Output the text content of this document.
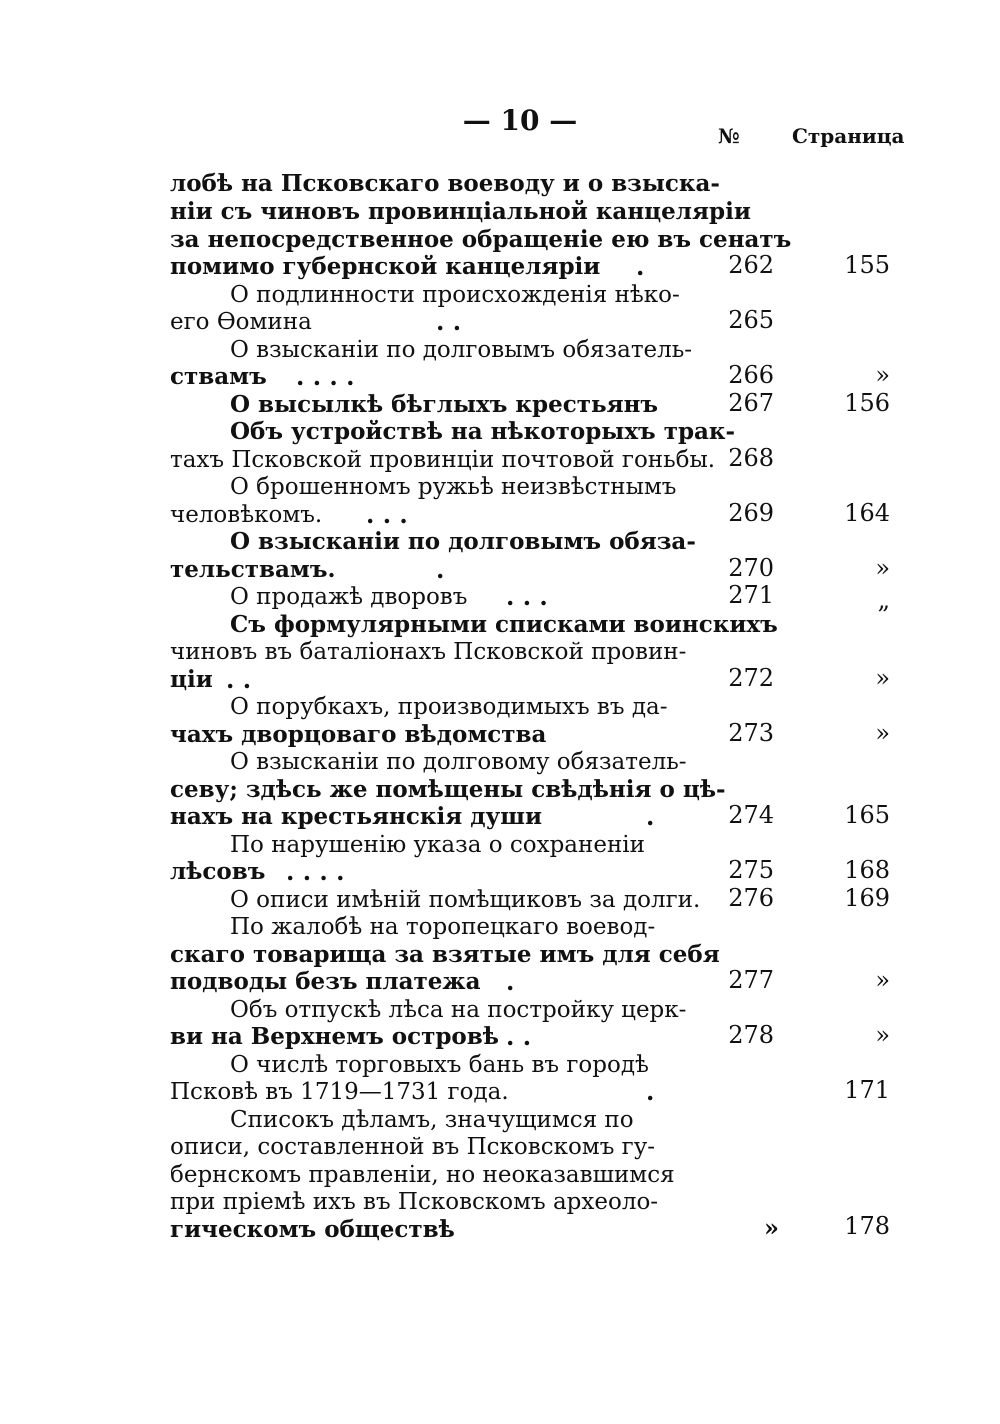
— 10 —	№	Страница
лобѣ на Псковскаго воеводу и о взыска-
ніи съ чиновъ провинціальной канцеляріи
за непосредственное обращеніе ею въ сенатъ
помимо губернской канцеляріи .	262	155
О подлинности происхожденія нѣко-
его Ѳомина	. .	265
О взысканіи по долговымъ обязатель-
ствамъ . . . .	266	»
О высылкѣ бѣглыхъ крестьянъ	267	156
Объ устройствѣ на нѣкоторыхъ трак-
тахъ Псковской провинціи почтовой гоньбы. 268
О брошенномъ ружьѣ неизвѣстнымъ
человѣкомъ. . . .	269	164
О взысканіи по долговымъ обяза-
тельствамъ.	.	270	»
О продажѣ дворовъ . . .	271	„
Съ формулярными списками воинскихъ
чиновъ въ баталіонахъ Псковской провин-
ціи . .	272	»
О порубкахъ, производимыхъ въ да-
чахъ дворцоваго вѣдомства	273	»
О взысканіи по долговому обязатель-
севу; здѣсь же помѣщены свѣдѣнія о цѣ-
нахъ на крестьянскія души	.	274	165
По нарушенію указа о сохраненіи
лѣсовъ . . . .	275	168
О описи имѣній помѣщиковъ за долги.	276	169
По жалобѣ на торопецкаго воевод-
скаго товарища за взятые имъ для себя
подводы безъ платежа .	277	»
Объ отпускѣ лѣса на постройку церк-
ви на Верхнемъ островѣ . .	278	»
О числѣ торговыхъ бань въ городѣ
Псковѣ въ 1719—1731 года.	.	171
Списокъ дѣламъ, значущимся по
описи, составленной въ Псковскомъ гу-
бернскомъ правленіи, но неоказавшимся
при пріемѣ ихъ въ Псковскомъ археоло-
гическомъ обществѣ	»	178
